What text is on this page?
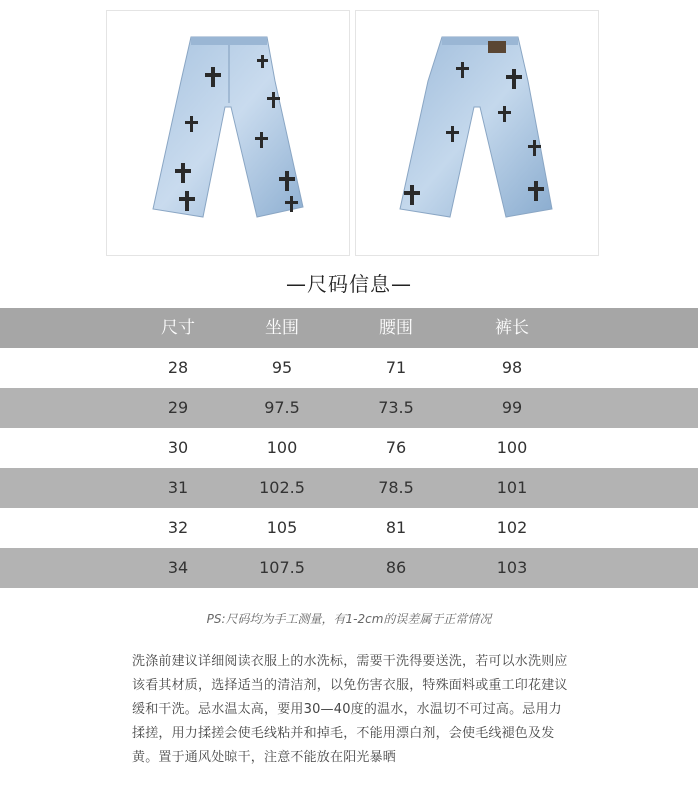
—尺码信息—
尺寸	坐围	腰围	裤长
28	95	71	98
29	97.5	73.5	99
30	100	76	100
31	102.5	78.5	101
32	105	81	102
34	107.5	86	103
PS:尺码均为手工测量，有1-2cm的误差属于正常情况
洗涤前建议详细阅读衣服上的水洗标，需要干洗得要送洗，若可以水洗则应该看其材质，选择适当的清洁剂，以免伤害衣服，特殊面料或重工印花建议缓和干洗。忌水温太高，要用30—40度的温水，水温切不可过高。忌用力揉搓，用力揉搓会使毛线粘并和掉毛，不能用漂白剂，会使毛线褪色及发黄。置于通风处晾干，注意不能放在阳光暴晒
